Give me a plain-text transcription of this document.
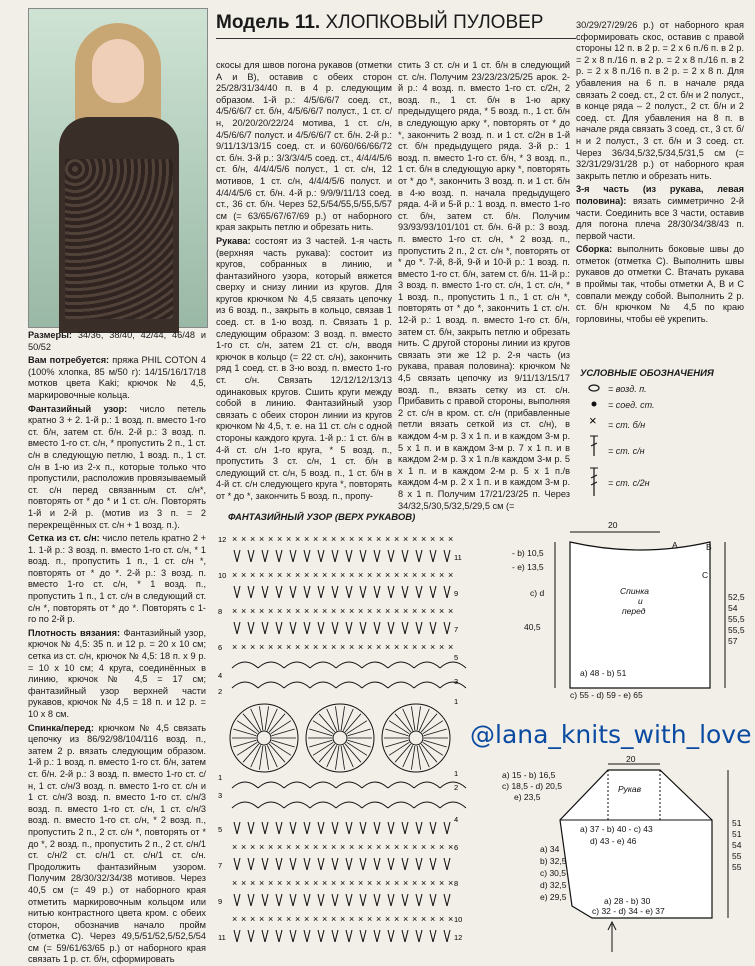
Модель 11. ХЛОПКОВЫЙ ПУЛОВЕР

Размеры: 34/36, 38/40, 42/44, 46/48 и 50/52

Вам потребуется: пряжа PHIL COTON 4 (100% хлопка, 85 м/50 г): 14/15/16/17/18 мотков цвета Kaki; крючок № 4,5, маркировочные кольца.

Фантазийный узор: число петель кратно 3 + 2. 1-й р.: 1 возд. п. вместо 1-го ст. б/н, затем ст. б/н. 2-й р.: 3 возд. п. вместо 1-го ст. с/н, * пропустить 2 п., 1 ст. с/н в следующую петлю, 1 возд. п., 1 ст. с/н в 1-ю из 2-х п., которые только что пропустили, расположив провязываемый ст. с/н перед связанным ст. с/н*, повторять от * до * и 1 ст. с/н. Повторять 1-й и 2-й р. (мотив из 3 п. = 2 перекрещённых ст. с/н + 1 возд. п.).

Сетка из ст. с/н: число петель кратно 2 + 1. 1-й р.: 3 возд. п. вместо 1-го ст. с/н, * 1 возд. п., пропустить 1 п., 1 ст. с/н *, повторять от * до *. 2-й р.: 3 возд. п. вместо 1-го ст. с/н, * 1 возд. п., пропустить 1 п., 1 ст. с/н в следующий ст. с/н *, повторять от * до *. Повторять с 1-го по 2-й р.

Плотность вязания: Фантазийный узор, крючок № 4,5: 35 п. и 12 р. = 20 х 10 см; сетка из ст. с/н, крючок № 4,5: 18 п. х 9 р. = 10 х 10 см; 4 круга, соединённых в линию, крючок № 4,5 = 17 см; фантазийный узор верхней части рукавов, крючок № 4,5 = 18 п. и 12 р. = 10 х 8 см.

Спинка/перед: крючком № 4,5 связать цепочку из 86/92/98/104/116 возд. п., затем 2 р. вязать следующим образом. 1-й р.: 1 возд. п. вместо 1-го ст. б/н, затем ст. б/н. 2-й р.: 3 возд. п. вместо 1-го ст. с/н, 1 ст. с/н/3 возд. п. вместо 1-го ст. с/н и 1 ст. с/н/3 возд. п. вместо 1-го ст. с/н/3 возд. п. вместо 1-го ст. с/н, 1 ст. с/н/3 возд. п. вместо 1-го ст. с/н, * 2 возд. п., пропустить 2 п., 2 ст. с/н *, повторять от * до *, 2 возд. п., пропустить 2 п., 2 ст. с/н/1 ст. с/н/2 ст. с/н/1 ст. с/н/1 ст. с/н. Продолжить фантазийным узором. Получим 28/30/32/34/38 мотивов. Через 40,5 см (= 49 р.) от наборного края отметить маркировочным кольцом или нитью контрастного цвета кром. с обеих сторон, обозначив начало пройм (отметка С). Через 49,5/51/52,5/52,5/54 см (= 59/61/63/65 р.) от наборного края связать 1 р. ст. б/н, сформировать

скосы для швов погона рукавов (отметки А и В), оставив с обеих сторон 25/28/31/34/40 п. в 4 р. следующим образом. 1-й р.: 4/5/6/6/7 соед. ст., 4/5/6/6/7 ст. б/н, 4/5/6/6/7 полуст., 1 ст. с/н, 20/20/20/22/24 мотива, 1 ст. с/н, 4/5/6/6/7 полуст. и 4/5/6/6/7 ст. б/н. 2-й р.: 9/11/13/13/15 соед. ст. и 60/60/66/66/72 ст. б/н. 3-й р.: 3/3/3/4/5 соед. ст., 4/4/4/5/6 ст. б/н, 4/4/4/5/6 полуст., 1 ст. с/н, 12 мотивов, 1 ст. с/н, 4/4/4/5/6 полуст. и 4/4/4/5/6 ст. б/н. 4-й р.: 9/9/9/11/13 соед. ст., 36 ст. б/н. Через 52,5/54/55,5/55,5/57 см (= 63/65/67/67/69 р.) от наборного края закрыть петлю и обрезать нить.

Рукава: состоят из 3 частей. 1-я часть (верхняя часть рукава): состоит из кругов, собранных в линию, и фантазийного узора, который вяжется сверху и снизу линии из кругов. Для кругов крючком № 4,5 связать цепочку из 6 возд. п., закрыть в кольцо, связав 1 соед. ст. в 1-ю возд. п. Связать 1 р. следующим образом: 3 возд. п. вместо 1-го ст. с/н, затем 21 ст. с/н, вводя крючок в кольцо (= 22 ст. с/н), закончить ряд 1 соед. ст. в 3-ю возд. п. вместо 1-го ст. с/н. Связать 12/12/12/13/13 одинаковых кругов. Сшить круги между собой в линию. Фантазийный узор связать с обеих сторон линии из кругов крючком № 4,5, т. е. на 11 ст. с/н с одной стороны каждого круга. 1-й р.: 1 ст. б/н в 4-й ст. с/н 1-го круга, * 5 возд. п., пропустить 3 ст. с/н, 1 ст. б/н в следующий ст. с/н, 5 возд. п., 1 ст. б/н в 4-й ст. с/н следующего круга *, повторять от * до *, закончить 5 возд. п., пропу-

стить 3 ст. с/н и 1 ст. б/н в следующий ст. с/н. Получим 23/23/23/25/25 арок. 2-й р.: 4 возд. п. вместо 1-го ст. с/2н, 2 возд. п., 1 ст. б/н в 1-ю арку предыдущего ряда, * 5 возд. п., 1 ст. б/н в следующую арку *, повторять от * до *, закончить 2 возд. п. и 1 ст. с/2н в 1-й ст. б/н предыдущего ряда. 3-й р.: 1 возд. п. вместо 1-го ст. б/н, * 3 возд. п., 1 ст. б/н в следующую арку *, повторять от * до *, закончить 3 возд. п. и 1 ст. б/н в 4-ю возд. п. начала предыдущего ряда. 4-й и 5-й р.: 1 возд. п. вместо 1-го ст. б/н, затем ст. б/н. Получим 93/93/93/101/101 ст. б/н. 6-й р.: 3 возд. п. вместо 1-го ст. с/н, * 2 возд. п., пропустить 2 п., 2 ст. с/н *, повторять от * до *. 7-й, 8-й, 9-й и 10-й р.: 1 возд. п. вместо 1-го ст. б/н, затем ст. б/н. 11-й р.: 3 возд. п. вместо 1-го ст. с/н, 1 ст. с/н, * 1 возд. п., пропустить 1 п., 1 ст. с/н *, повторять от * до *, закончить 1 ст. с/н. 12-й р.: 1 возд. п. вместо 1-го ст. б/н, затем ст. б/н, закрыть петлю и обрезать нить. С другой стороны линии из кругов связать эти же 12 р. 2-я часть (из рукава, правая половина): крючком № 4,5 связать цепочку из 9/11/13/15/17 возд. п., вязать сетку из ст. с/н. Прибавить с правой стороны, выполняя 2 ст. с/н в кром. ст. с/н (прибавленные петли вязать сеткой из ст. с/н), в каждом 4-м р. 3 х 1 п. и в каждом 3-м р. 5 х 1 п. и в каждом 3-м р. 7 х 1 п. и в каждом 2-м р. 3 х 1 п./в каждом 3-м р. 5 х 1 п. и в каждом 2-м р. 5 х 1 п./в каждом 4-м р. 2 х 1 п. и в каждом 3-м р. 8 х 1 п. Получим 17/21/23/25 п. Через 34/32,5/30,5/32,5/29,5 см (=

30/29/27/29/26 р.) от наборного края сформировать скос, оставив с правой стороны 12 п. в 2 р. = 2 х 6 п./6 п. в 2 р. = 2 х 8 п./16 п. в 2 р. = 2 х 8 п./16 п. в 2 р. = 2 х 8 п./16 п. в 2 р. = 2 х 8 п. Для убавления на 6 п. в начале ряда связать 2 соед. ст., 2 ст. б/н и 2 полуст., в конце ряда – 2 полуст., 2 ст. б/н и 2 соед. ст. Для убавления на 8 п. в начале ряда связать 3 соед. ст., 3 ст. б/н и 2 полуст., 3 ст. б/н и 3 соед. ст. Через 36/34,5/32,5/34,5/31,5 см (= 32/31/29/31/28 р.) от наборного края закрыть петлю и обрезать нить.

3-я часть (из рукава, левая половина): вязать симметрично 2-й части. Соединить все 3 части, оставив для погона плеча 28/30/34/38/43 п. первой части.

Сборка: выполнить боковые швы до отметок (отметка С). Выполнить швы рукавов до отметки С. Втачать рукава в проймы так, чтобы отметки А, В и С совпали между собой. Выполнить 2 р. ст. б/н крючком № 4,5 по краю горловины, чтобы её укрепить.

УСЛОВНЫЕ ОБОЗНАЧЕНИЯ
×
= возд. п.
= соед. ст.
= ст. б/н
= ст. с/н
= ст. с/2н
ФАНТАЗИЙНЫЙ УЗОР (ВЕРХ РУКАВОВ)
× × × × × × × × × × × × × × × × × × × × × × × × ×
× × × × × × × × × × × × × × × × × × × × × × × × ×
× × × × × × × × × × × × × × × × × × × × × × × × ×
× × × × × × × × × × × × × × × × × × × × × × × × ×
× × × × × × × × × × × × × × × × × × × × × × × × ×
× × × × × × × × × × × × × × × × × × × × × × × × ×
× × × × × × × × × × × × × × × × × × × × × × × × ×
12
10
8
6
4
2
1
3
5
7
9
11
11
9
7
5
3
1
1
2
4
6
8
10
12
20
Спинка
и
перед
- b) 10,5
- e) 13,5
c) d
40,5
a) 48 - b) 51
c) 55 - d) 59 - e) 65
A	B
C
52,5
54
55,5
55,5
57
@lana_knits_with_love
20
Рукав
a) 15 - b) 16,5
c) 18,5 - d) 20,5
e) 23,5
a) 37 - b) 40 - c) 43
d) 43 - e) 46
a) 34
b) 32,5
c) 30,5
d) 32,5
e) 29,5	a) 28 - b) 30
c) 32 - d) 34 - e) 37
51
51
54
55
55
